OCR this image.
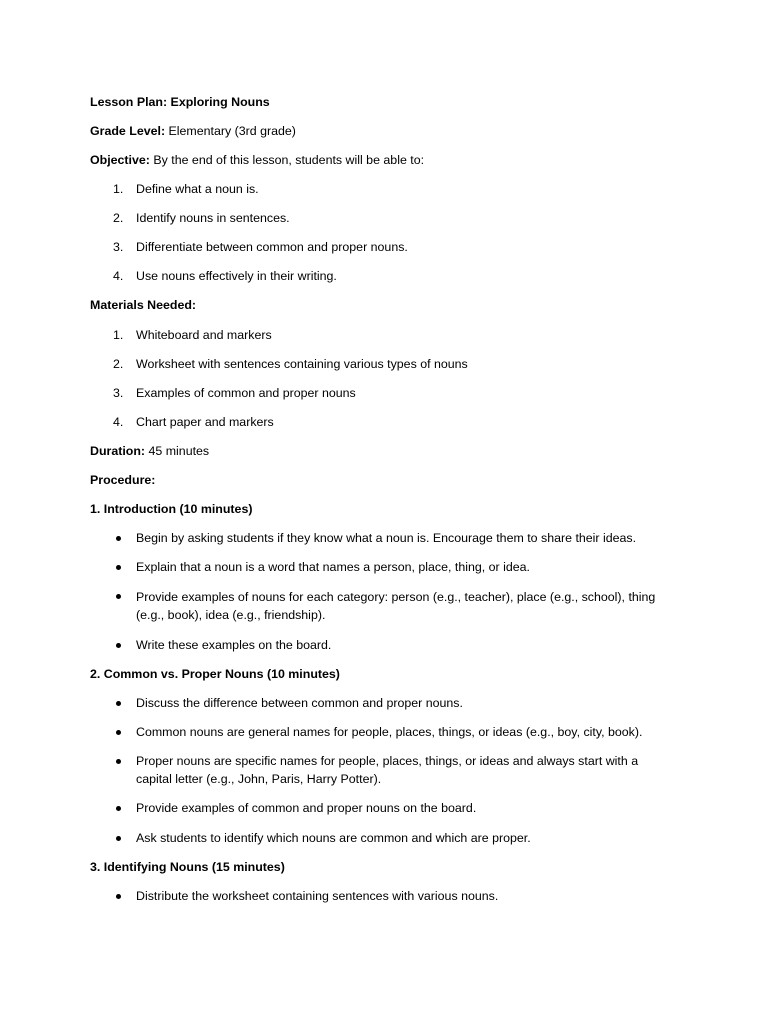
Lesson Plan: Exploring Nouns
Grade Level: Elementary (3rd grade)
Objective: By the end of this lesson, students will be able to:
1. Define what a noun is.
2. Identify nouns in sentences.
3. Differentiate between common and proper nouns.
4. Use nouns effectively in their writing.
Materials Needed:
1. Whiteboard and markers
2. Worksheet with sentences containing various types of nouns
3. Examples of common and proper nouns
4. Chart paper and markers
Duration: 45 minutes
Procedure:
1. Introduction (10 minutes)
Begin by asking students if they know what a noun is. Encourage them to share their ideas.
Explain that a noun is a word that names a person, place, thing, or idea.
Provide examples of nouns for each category: person (e.g., teacher), place (e.g., school), thing (e.g., book), idea (e.g., friendship).
Write these examples on the board.
2. Common vs. Proper Nouns (10 minutes)
Discuss the difference between common and proper nouns.
Common nouns are general names for people, places, things, or ideas (e.g., boy, city, book).
Proper nouns are specific names for people, places, things, or ideas and always start with a capital letter (e.g., John, Paris, Harry Potter).
Provide examples of common and proper nouns on the board.
Ask students to identify which nouns are common and which are proper.
3. Identifying Nouns (15 minutes)
Distribute the worksheet containing sentences with various nouns.
